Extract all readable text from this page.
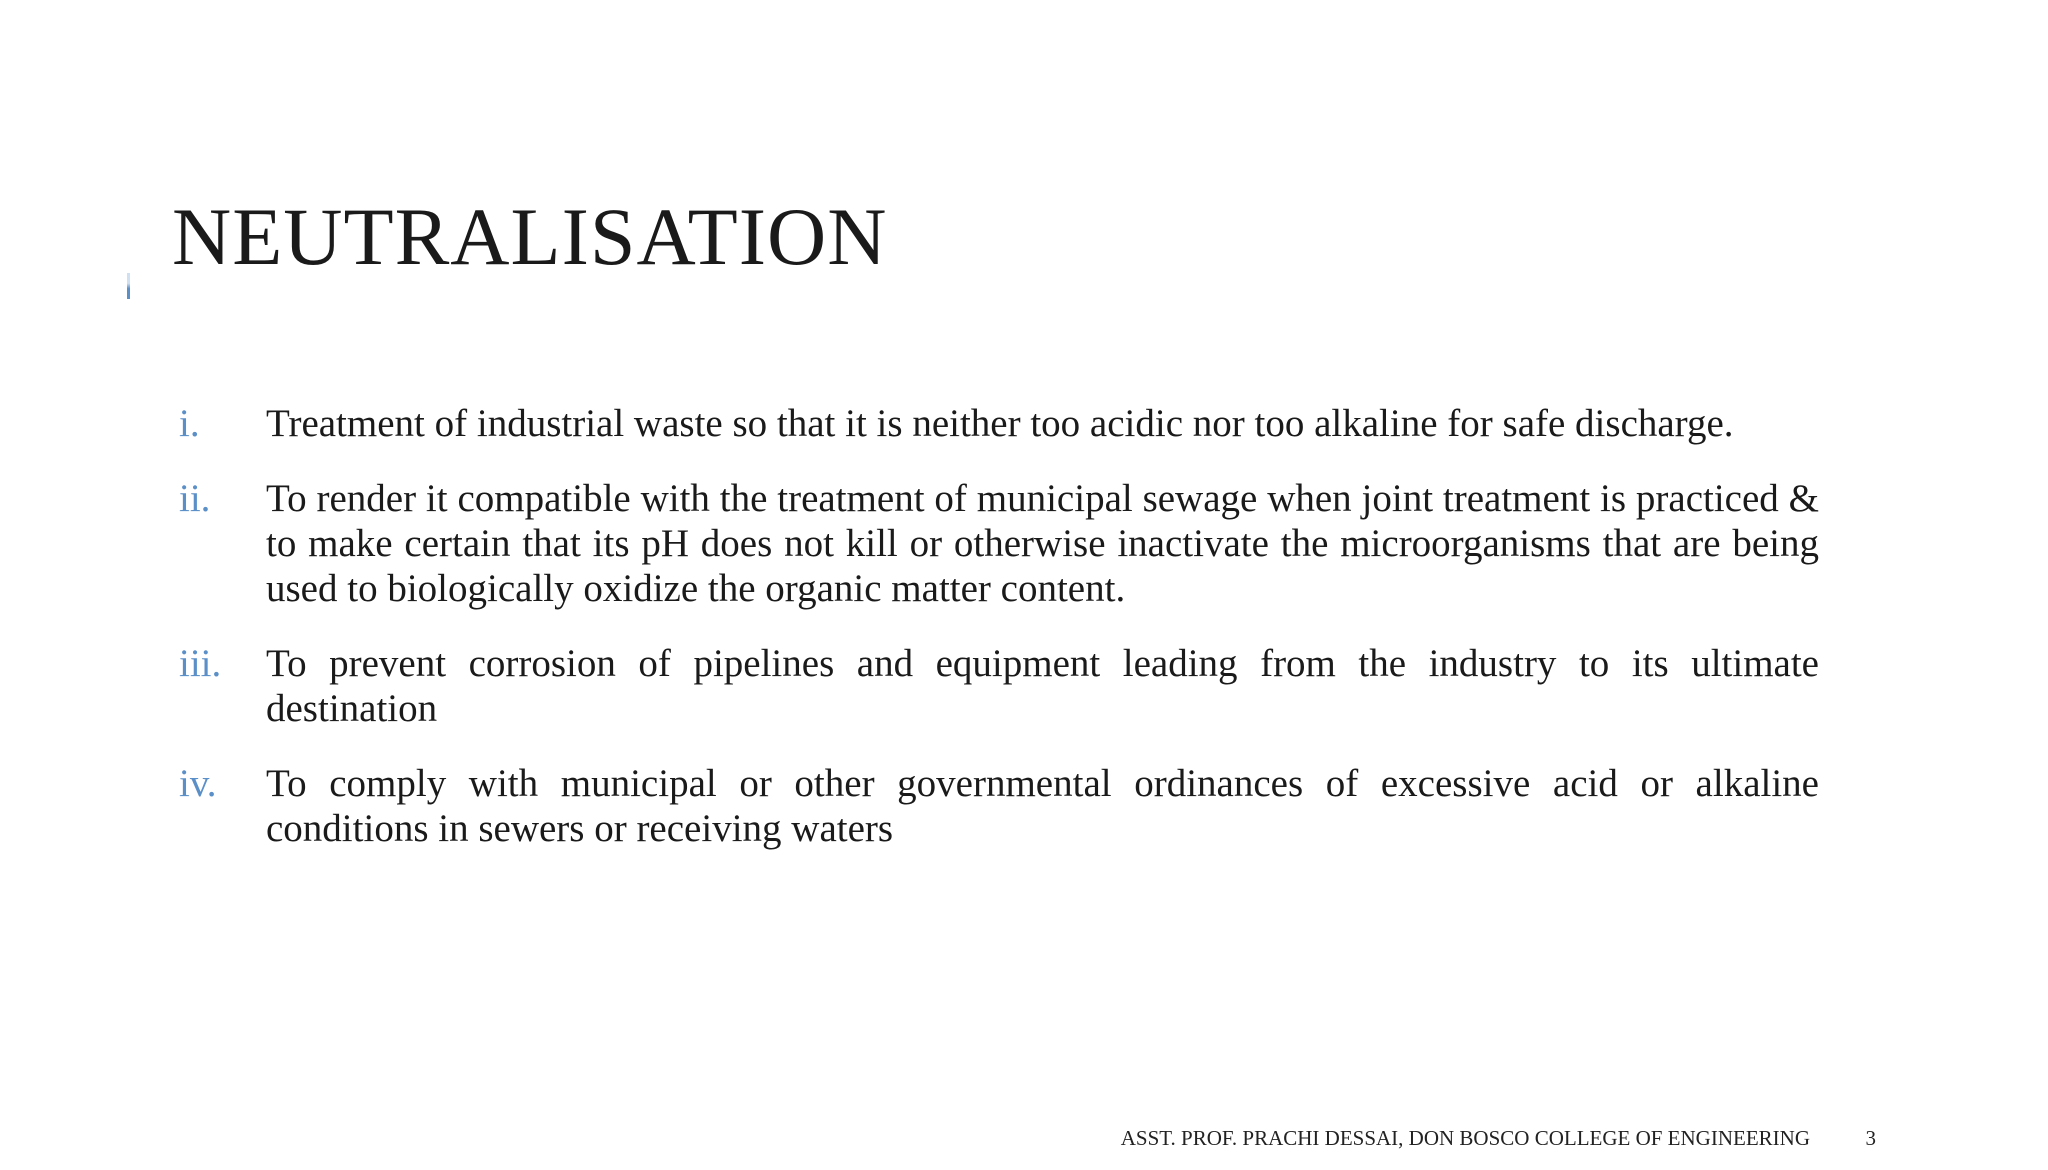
NEUTRALISATION
i.	Treatment of industrial waste so that it is neither too acidic nor too alkaline for safe discharge.
ii.	To render it compatible with the treatment of municipal sewage when joint treatment is practiced & to make certain that its pH does not kill or otherwise inactivate the microorganisms that are being used to biologically oxidize the organic matter content.
iii.	To prevent corrosion of pipelines and equipment leading from the industry to its ultimate destination
iv.	To comply with municipal or other governmental ordinances of excessive acid or alkaline conditions in sewers or receiving waters
ASST. PROF. PRACHI DESSAI, DON BOSCO COLLEGE OF ENGINEERING	3
